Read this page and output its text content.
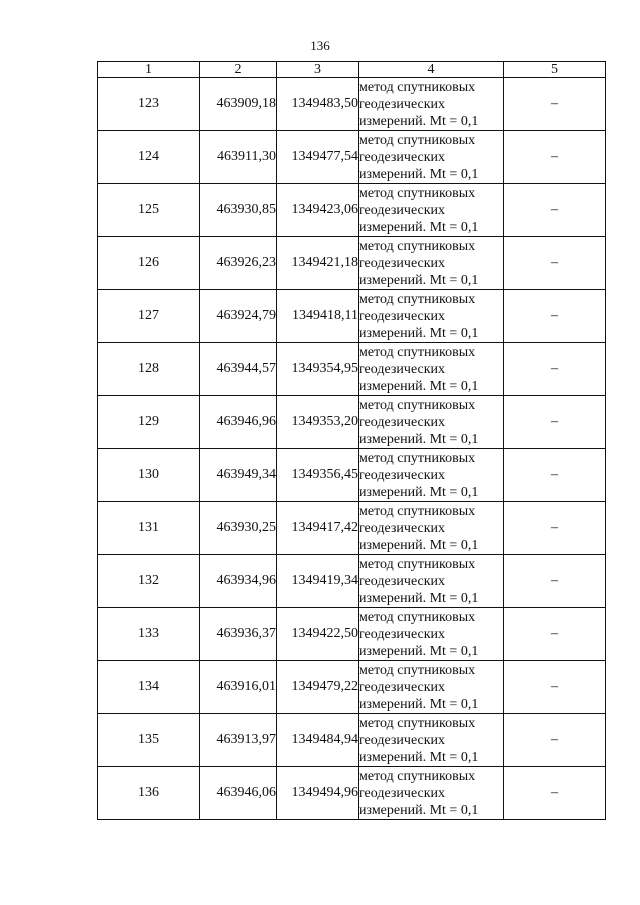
136
1	2	3	4	5
123	463909,18	1349483,50	метод спутниковых
геодезических
измерений. Mt = 0,1	–
124	463911,30	1349477,54	метод спутниковых
геодезических
измерений. Mt = 0,1	–
125	463930,85	1349423,06	метод спутниковых
геодезических
измерений. Mt = 0,1	–
126	463926,23	1349421,18	метод спутниковых
геодезических
измерений. Mt = 0,1	–
127	463924,79	1349418,11	метод спутниковых
геодезических
измерений. Mt = 0,1	–
128	463944,57	1349354,95	метод спутниковых
геодезических
измерений. Mt = 0,1	–
129	463946,96	1349353,20	метод спутниковых
геодезических
измерений. Mt = 0,1	–
130	463949,34	1349356,45	метод спутниковых
геодезических
измерений. Mt = 0,1	–
131	463930,25	1349417,42	метод спутниковых
геодезических
измерений. Mt = 0,1	–
132	463934,96	1349419,34	метод спутниковых
геодезических
измерений. Mt = 0,1	–
133	463936,37	1349422,50	метод спутниковых
геодезических
измерений. Mt = 0,1	–
134	463916,01	1349479,22	метод спутниковых
геодезических
измерений. Mt = 0,1	–
135	463913,97	1349484,94	метод спутниковых
геодезических
измерений. Mt = 0,1	–
136	463946,06	1349494,96	метод спутниковых
геодезических
измерений. Mt = 0,1	–
